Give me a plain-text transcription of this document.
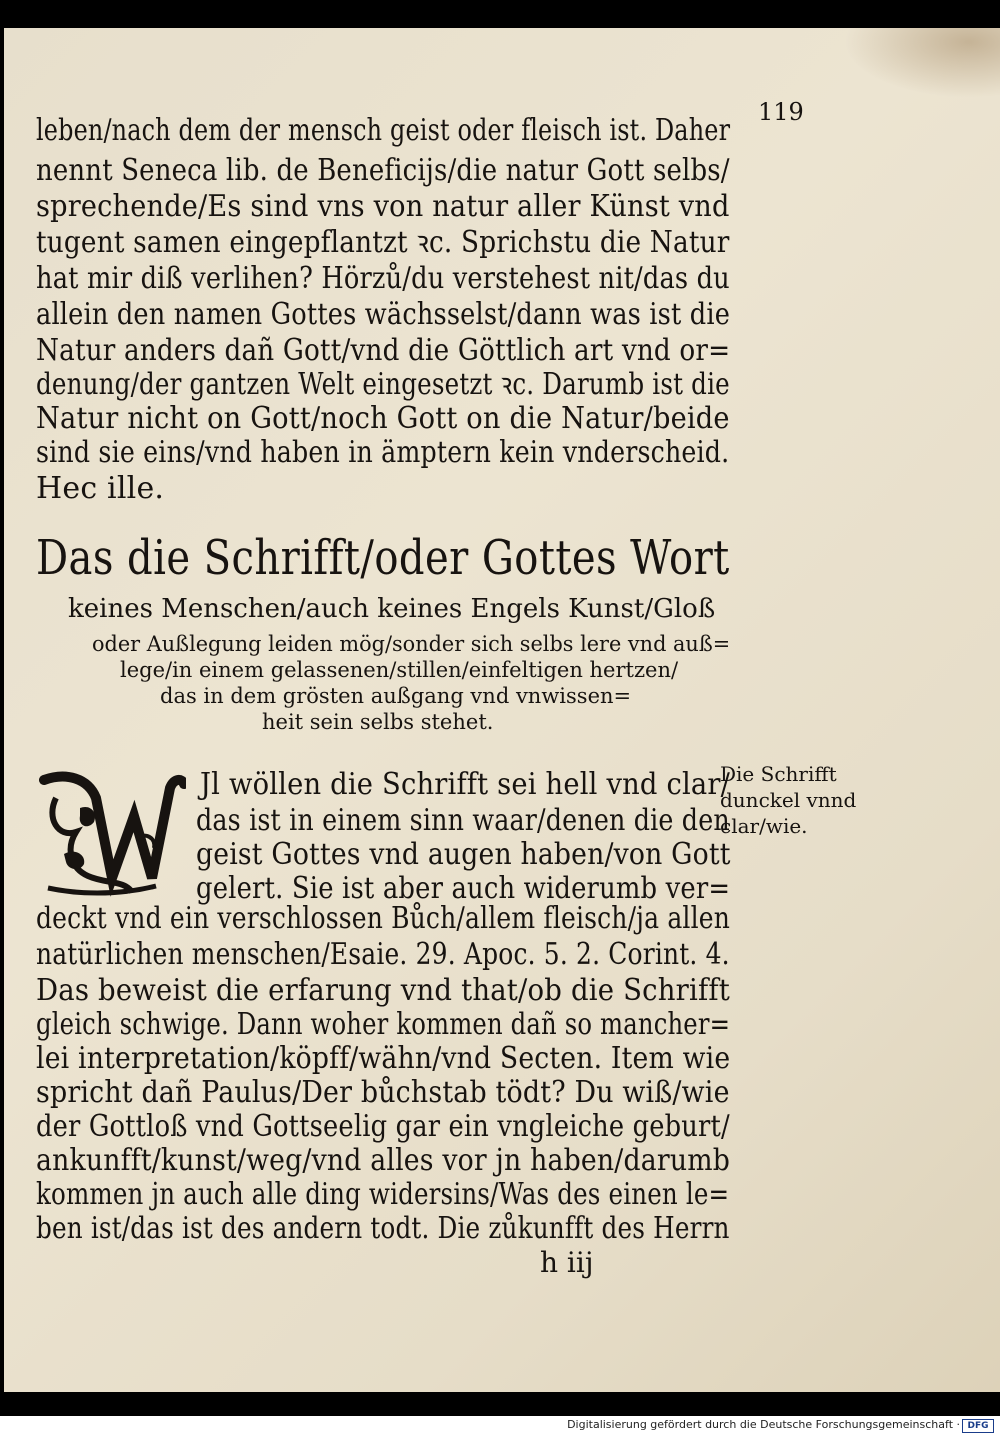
119
leben/nach dem der mensch geist oder fleisch ist. Daher
nennt Seneca lib. de Beneficijs/die natur Gott selbs/
sprechende/Es sind vns von natur aller Künst vnd
tugent samen eingepflantzt ꝛc. Sprichstu die Natur
hat mir diß verlihen? Hörzů/du verstehest nit/das du
allein den namen Gottes wächsselst/dann was ist die
Natur anders dañ Gott/vnd die Göttlich art vnd or=
denung/der gantzen Welt eingesetzt ꝛc. Darumb ist die
Natur nicht on Gott/noch Gott on die Natur/beide
sind sie eins/vnd haben in ämptern kein vnderscheid.
Hec ille.
Das die Schrifft/oder Gottes Wort
keines Menschen/auch keines Engels Kunst/Gloß
oder Außlegung leiden mög/sonder sich selbs lere vnd auß=
lege/in einem gelassenen/stillen/einfeltigen hertzen/
das in dem grösten außgang vnd vnwissen=
heit sein selbs stehet.
Jl wöllen die Schrifft sei hell vnd clar/
das ist in einem sinn waar/denen die den
geist Gottes vnd augen haben/von Gott
gelert. Sie ist aber auch widerumb ver=
Die Schrifft
dunckel vnnd
clar/wie.
deckt vnd ein verschlossen Bůch/allem fleisch/ja allen
natürlichen menschen/Esaie. 29. Apoc. 5. 2. Corint. 4.
Das beweist die erfarung vnd that/ob die Schrifft
gleich schwige. Dann woher kommen dañ so mancher=
lei interpretation/köpff/wähn/vnd Secten. Item wie
spricht dañ Paulus/Der bůchstab tödt? Du wiß/wie
der Gottloß vnd Gottseelig gar ein vngleiche geburt/
ankunfft/kunst/weg/vnd alles vor jn haben/darumb
kommen jn auch alle ding widersins/Was des einen le=
ben ist/das ist des andern todt. Die zůkunfft des Herrn
h iij
Digitalisierung gefördert durch die Deutsche Forschungsgemeinschaft · DFG
